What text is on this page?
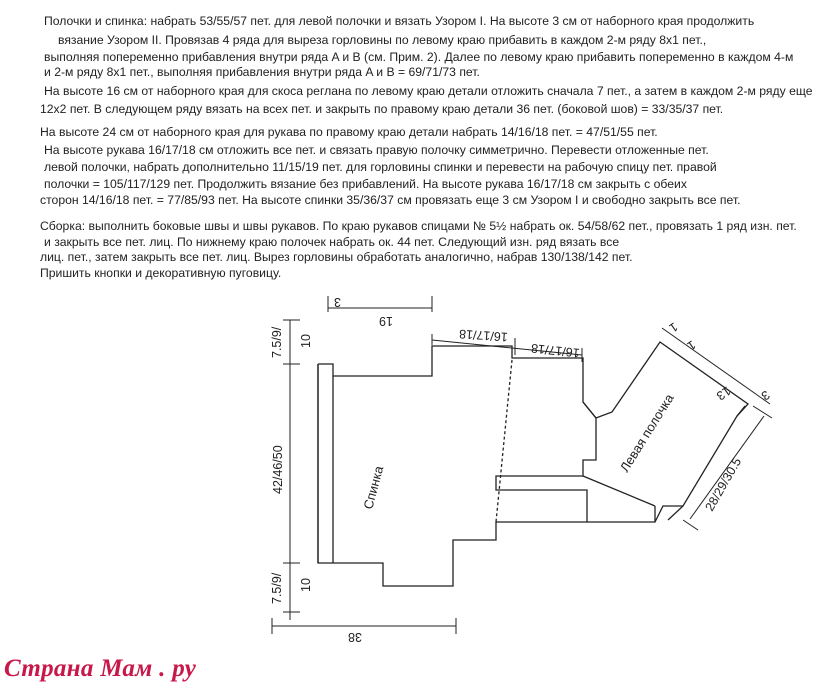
Полочки и спинка: набрать 53/55/57 пет. для левой полочки и вязать Узором I. На высоте 3 см от наборного края продолжить
вязание Узором II. Провязав 4 ряда для выреза горловины по левому краю прибавить в каждом 2-м ряду 8х1 пет.,
выполняя попеременно прибавления внутри ряда A и B (см. Прим. 2). Далее по левому краю прибавить попеременно в каждом 4-м
и 2-м ряду 8х1 пет., выполняя прибавления внутри ряда A и B = 69/71/73 пет.
На высоте 16 см от наборного края для скоса реглана по левому краю детали отложить сначала 7 пет., а затем в каждом 2-м ряду еще
12х2 пет. В следующем ряду вязать на всех пет. и закрыть по правому краю детали 36 пет. (боковой шов) = 33/35/37 пет.
На высоте 24 см от наборного края для рукава по правому краю детали набрать 14/16/18 пет. = 47/51/55 пет.
На высоте рукава 16/17/18 см отложить все пет. и связать правую полочку симметрично. Перевести отложенные пет.
левой полочки, набрать дополнительно 11/15/19 пет. для горловины спинки и перевести на рабочую спицу пет. правой
полочки = 105/117/129 пет. Продолжить вязание без прибавлений. На высоте рукава 16/17/18 см закрыть с обеих
сторон 14/16/18 пет. = 77/85/93 пет. На высоте спинки 35/36/37 см провязать еще 3 см Узором I и свободно закрыть все пет.
Сборка: выполнить боковые швы и швы рукавов. По краю рукавов спицами № 5½ набрать ок. 54/58/62 пет., провязать 1 ряд изн. пет.
и закрыть все пет. лиц. По нижнему краю полочек набрать ок. 44 пет. Следующий изн. ряд вязать все
лиц. пет., затем закрыть все пет. лиц. Вырез горловины обработать аналогично, набрав 130/138/142 пет.
Пришить кнопки и декоративную пуговицу.
Спинка
Левая полочка
3
19
16/17/18
16/17/18
10
7.5/9/
42/46/50
10
7.5/9/
38
1
1
13 3
28/29/30.5
Страна Мам . ру
